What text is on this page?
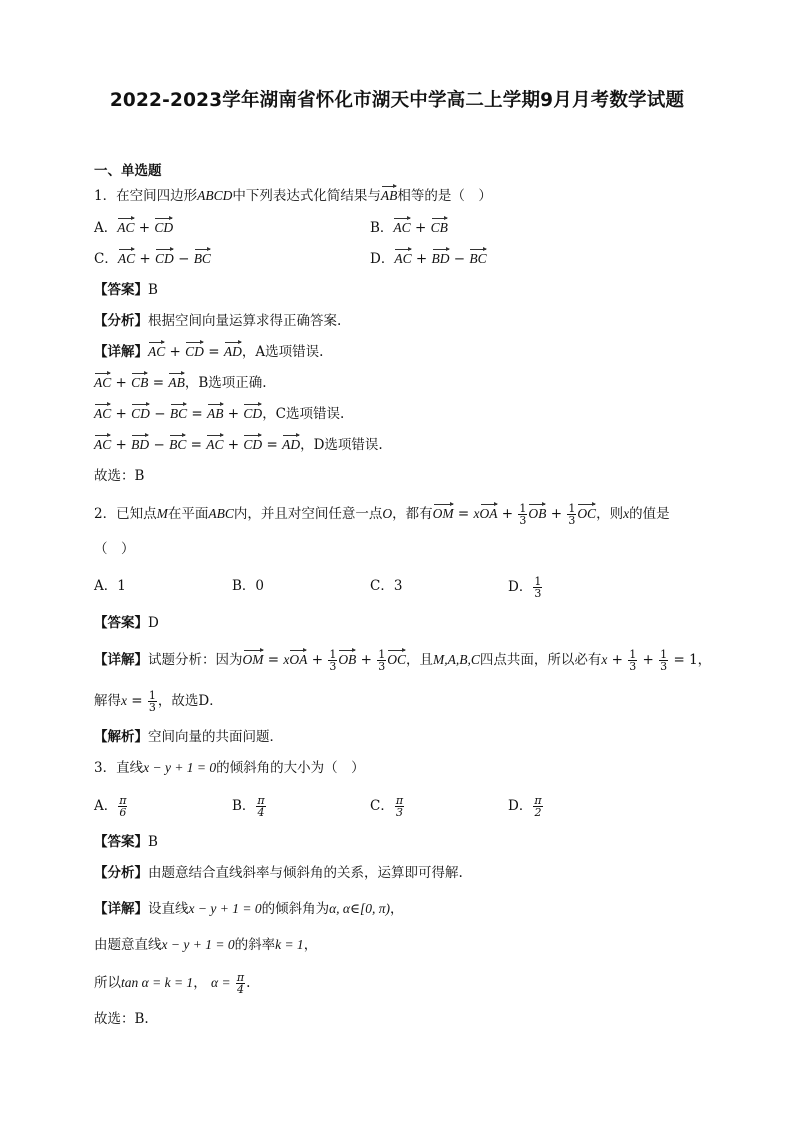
2022-2023学年湖南省怀化市湖天中学高二上学期9月月考数学试题
一、单选题
1．在空间四边形ABCD中下列表达式化简结果与AB相等的是（　）
A．AC + CD	B．AC + CB
C．AC + CD − BC	D．AC + BD − BC
【答案】B
【分析】根据空间向量运算求得正确答案.
【详解】AC + CD = AD，A选项错误.
AC + CB = AB，B选项正确.
AC + CD − BC = AB + CD，C选项错误.
AC + BD − BC = AC + CD = AD，D选项错误.
故选：B
2．已知点M在平面ABC内，并且对空间任意一点O，都有OM = xOA + $\frac{1}{3}$ OB + $\frac{1}{3}$ OC，则x的值是
（　）
A．1	B．0	C．3	D． $\frac{1}{3}$
【答案】D
【详解】试题分析：因为OM = xOA + $\frac{1}{3}$ OB + $\frac{1}{3}$ OC，且M,A,B,C四点共面，所以必有$x + \frac{1}{3} + \frac{1}{3} = 1$，
解得$x = \frac{1}{3}$ ，故选D．
【解析】空间向量的共面问题．
3．直线x − y + 1 = 0的倾斜角的大小为（　）
A． $\frac{\pi}{6}$	B． $\frac{\pi}{4}$	C． $\frac{\pi}{3}$	D． $\frac{\pi}{2}$
【答案】B
【分析】由题意结合直线斜率与倾斜角的关系，运算即可得解.
【详解】设直线x − y + 1 = 0的倾斜角为α, α∈[0, π)，
由题意直线x − y + 1 = 0的斜率k = 1，
所以tan α = k = 1， $\alpha = \frac{\pi}{4}$ .
故选：B.
